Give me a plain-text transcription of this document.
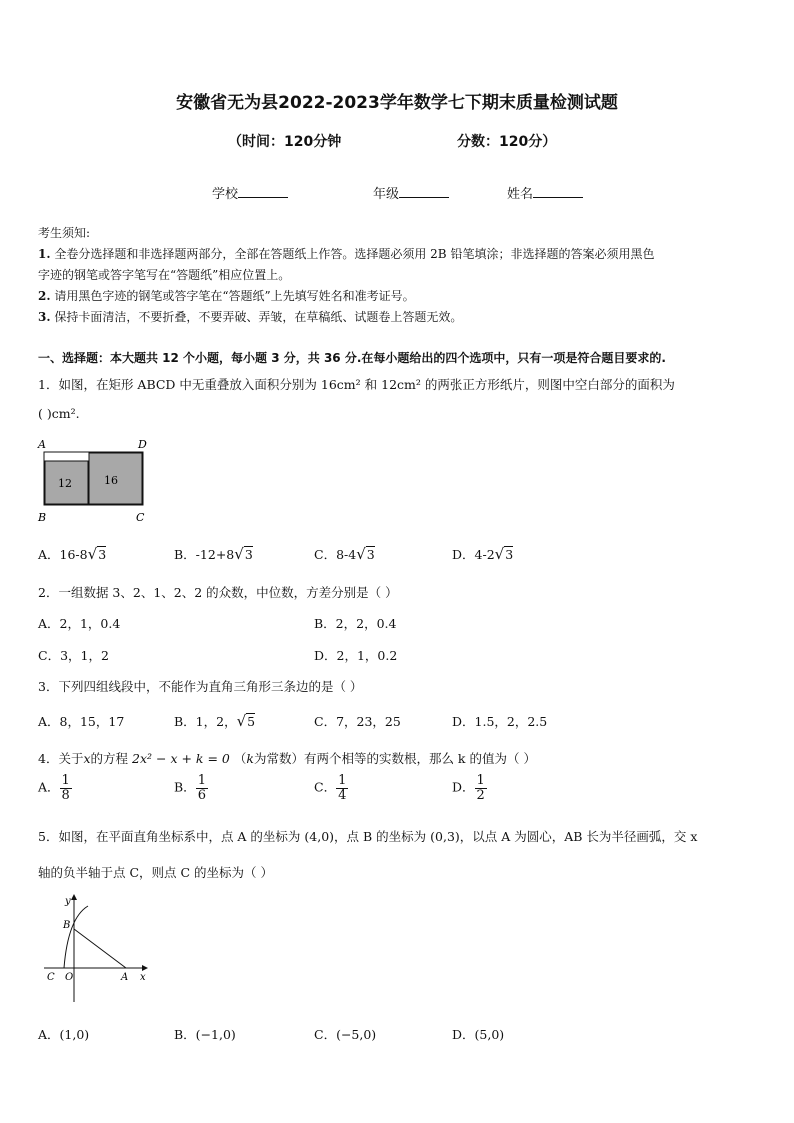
安徽省无为县2022-2023学年数学七下期末质量检测试题
（时间：120分钟	分数：120分）
学校	年级	姓名
考生须知:
1. 全卷分选择题和非选择题两部分，全部在答题纸上作答。选择题必须用 2B 铅笔填涂；非选择题的答案必须用黑色
字迹的钢笔或答字笔写在“答题纸”相应位置上。
2. 请用黑色字迹的钢笔或答字笔在“答题纸”上先填写姓名和准考证号。
3. 保持卡面清洁，不要折叠，不要弄破、弄皱，在草稿纸、试题卷上答题无效。
一、选择题：本大题共 12 个小题，每小题 3 分，共 36 分.在每小题给出的四个选项中，只有一项是符合题目要求的.
1．如图，在矩形 ABCD 中无重叠放入面积分别为 16cm² 和 12cm² 的两张正方形纸片，则图中空白部分的面积为
( )cm².
12	16
A	D
B	C
A．16-8√3	B．-12+8√3	C．8-4√3	D．4-2√3
2．一组数据 3、2、1、2、2 的众数，中位数，方差分别是（ ）
A．2，1，0.4	B．2，2，0.4
C．3，1，2	D．2，1，0.2
3．下列四组线段中，不能作为直角三角形三条边的是（ ）
A．8，15，17	B．1，2，√5	C．7，23，25	D．1.5，2，2.5
4．关于x的方程 2x² − x + k = 0 （k为常数）有两个相等的实数根，那么 k 的值为（ ）
A． $\frac{1}{8}$	B． $\frac{1}{6}$	C． $\frac{1}{4}$	D． $\frac{1}{2}$
5．如图，在平面直角坐标系中，点 A 的坐标为 (4,0)，点 B 的坐标为 (0,3)，以点 A 为圆心，AB 长为半径画弧，交 x
轴的负半轴于点 C，则点 C 的坐标为（ ）
y
B
C O	A x
A．(1,0)	B．(−1,0)	C．(−5,0)	D．(5,0)
